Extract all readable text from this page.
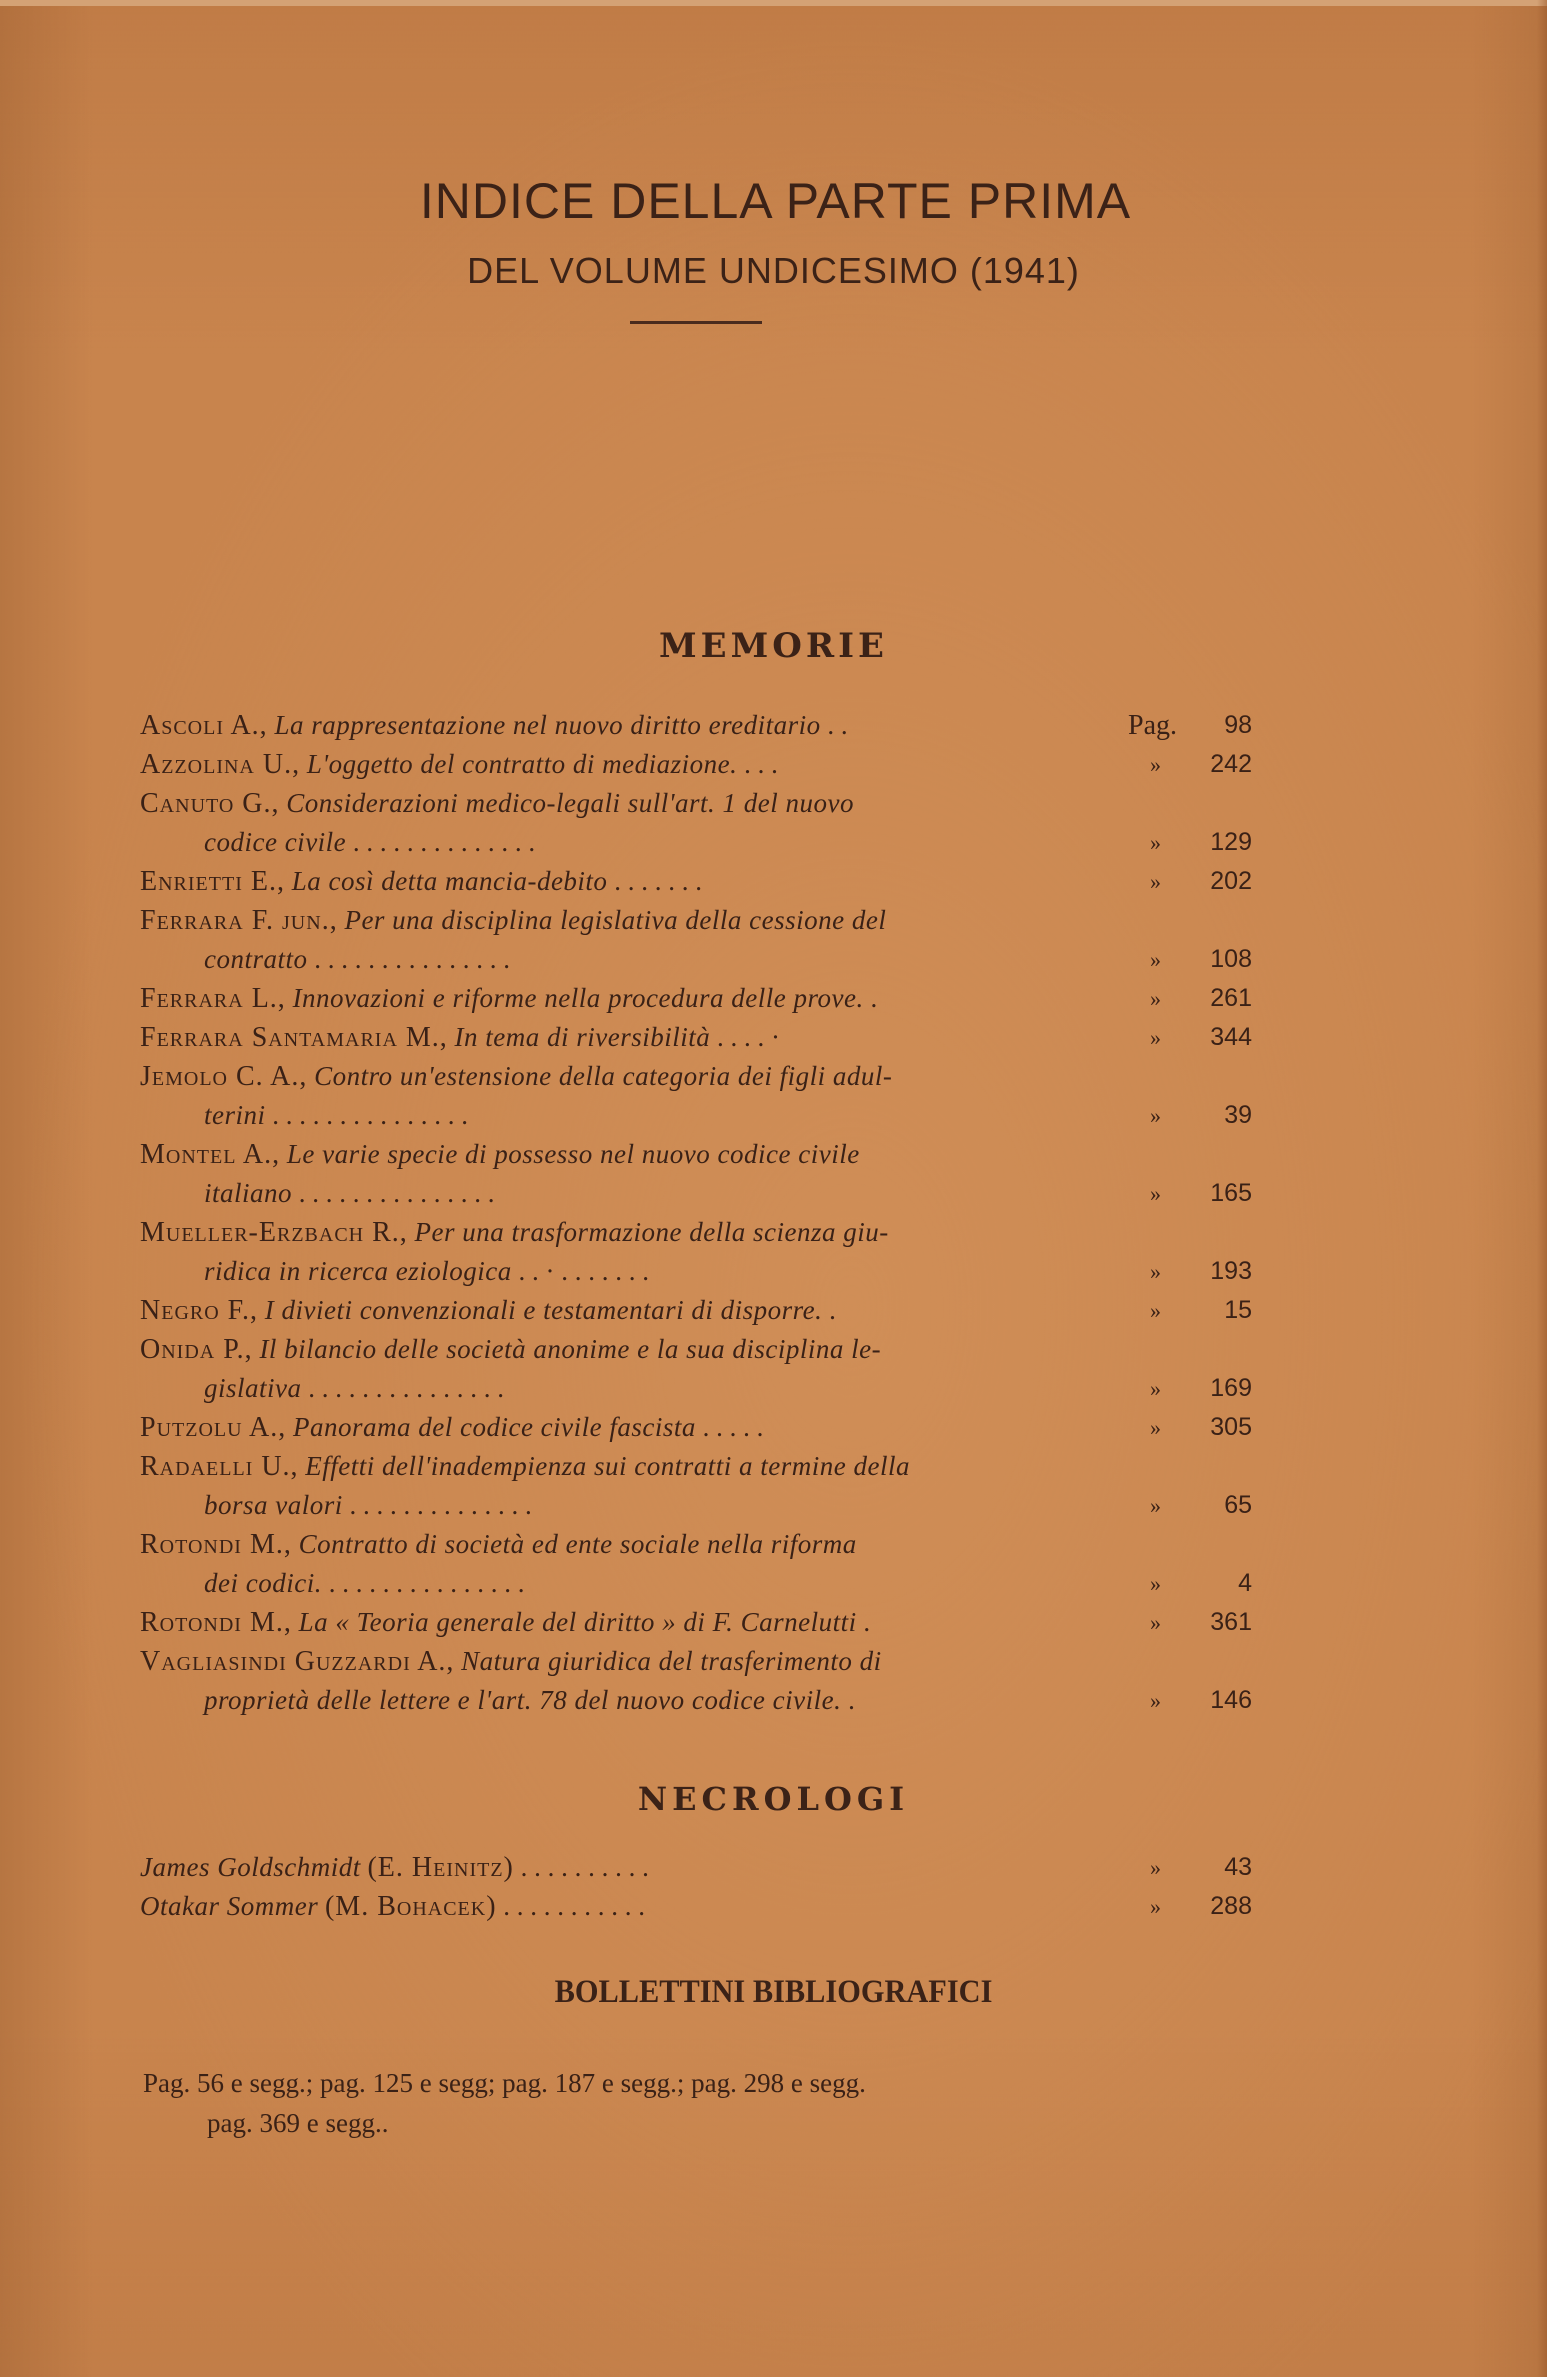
INDICE DELLA PARTE PRIMA
DEL VOLUME UNDICESIMO (1941)
MEMORIE
Ascoli A., La rappresentazione nel nuovo diritto ereditario . .	Pag. 98
Azzolina U., L'oggetto del contratto di mediazione. . . .	» 242
Canuto G., Considerazioni medico-legali sull'art. 1 del nuovo
codice civile . . . . . . . . . . . . . .	» 129
Enrietti E., La così detta mancia-debito . . . . . . .	» 202
Ferrara F. jun., Per una disciplina legislativa della cessione del
contratto . . . . . . . . . . . . . . .	» 108
Ferrara L., Innovazioni e riforme nella procedura delle prove. .	» 261
Ferrara Santamaria M., In tema di riversibilità . . . . ·	» 344
Jemolo C. A., Contro un'estensione della categoria dei figli adul-
terini . . . . . . . . . . . . . . .	»	39
Montel A., Le varie specie di possesso nel nuovo codice civile
italiano . . . . . . . . . . . . . . .	» 165
Mueller-Erzbach R., Per una trasformazione della scienza giu-
ridica in ricerca eziologica . . · . . . . . . .	» 193
Negro F., I divieti convenzionali e testamentari di disporre. .	»	15
Onida P., Il bilancio delle società anonime e la sua disciplina le-
gislativa . . . . . . . . . . . . . . .	» 169
Putzolu A., Panorama del codice civile fascista . . . . .	» 305
Radaelli U., Effetti dell'inadempienza sui contratti a termine della
borsa valori . . . . . . . . . . . . . .	»	65
Rotondi M., Contratto di società ed ente sociale nella riforma
dei codici. . . . . . . . . . . . . . . .	»	4
Rotondi M., La « Teoria generale del diritto » di F. Carnelutti .	» 361
Vagliasindi Guzzardi A., Natura giuridica del trasferimento di
proprietà delle lettere e l'art. 78 del nuovo codice civile. .	» 146
NECROLOGI
James Goldschmidt (E. Heinitz) . . . . . . . . . .	»	43
Otakar Sommer (M. Bohacek) . . . . . . . . . . .	» 288
BOLLETTINI BIBLIOGRAFICI
Pag. 56 e segg.; pag. 125 e segg; pag. 187 e segg.; pag. 298 e segg.
pag. 369 e segg..
